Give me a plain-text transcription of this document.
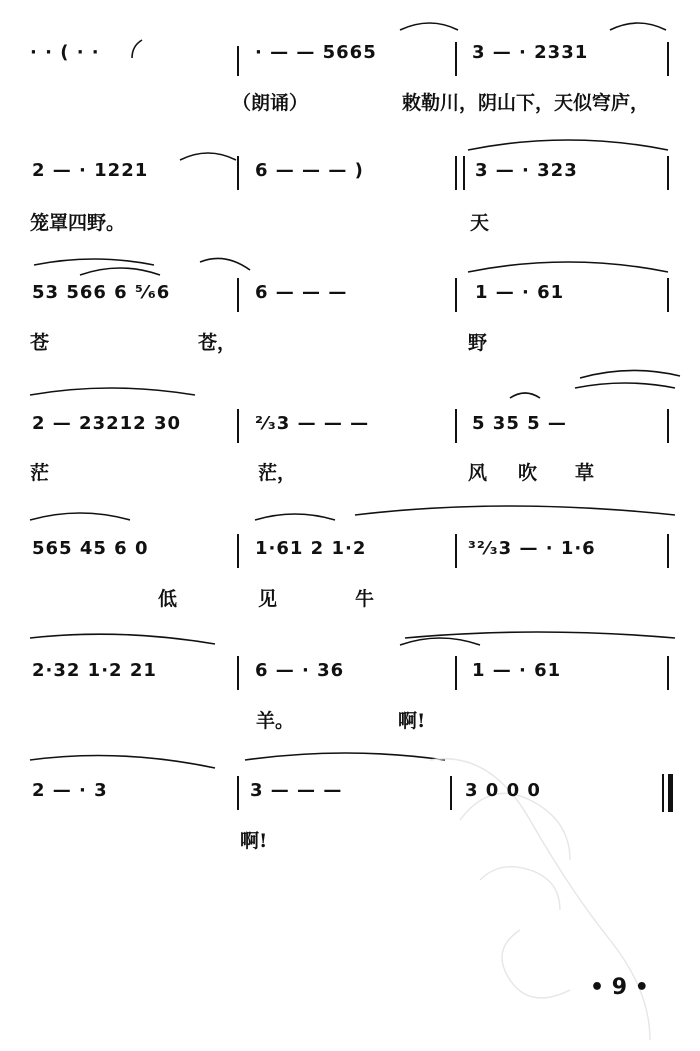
· · ( · ·	· — — 5665	3 — · 2331
（朗诵）	敕勒川，阴山下，天似穹庐，
2 — · 1221	6 — — — )	3 — · 323
笼罩四野。	天
53 566 6 ⁵⁄₆6	6 — — —	1 — · 61
苍	苍，	野
2 — 23212 30	²⁄₃3 — — —	5 35 5 —
茫	茫，	风 吹 草
565 45 6 0	1·61 2 1·2	³²⁄₃3 — · 1·6
低	见	牛
2·32 1·2 21	6 — · 36	1 — · 61
羊。	啊!
2 — · 3	3 — — —	3 0 0 0
啊!
• 9 •
